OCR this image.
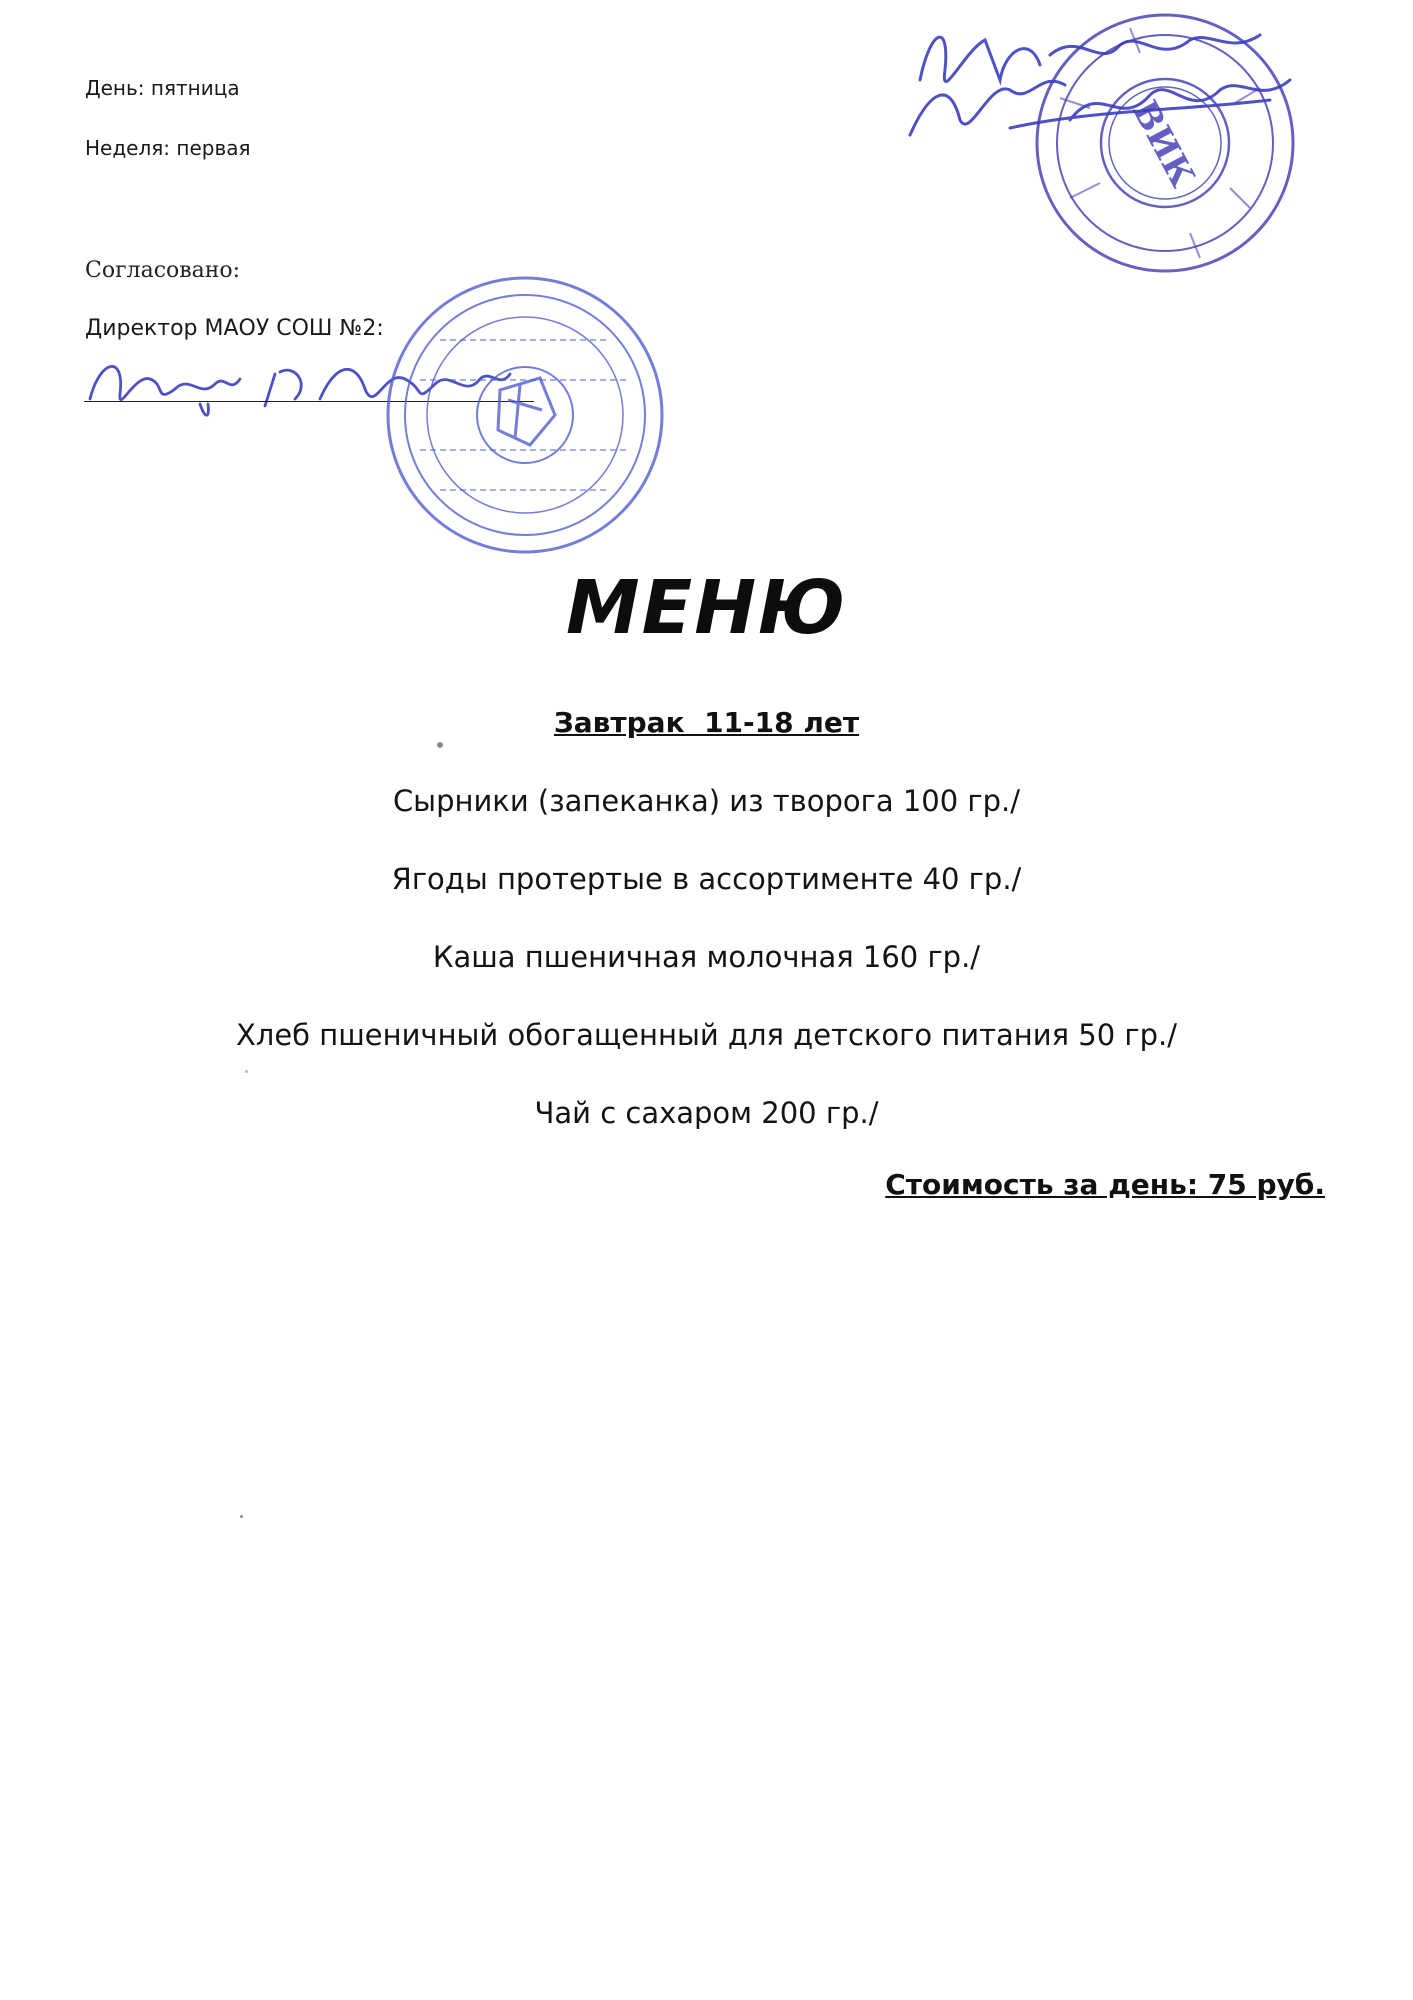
ВИК
День: пятница
Неделя: первая
Согласовано:
Директор МАОУ СОШ №2:
МЕНЮ
Завтрак  11-18 лет
Сырники (запеканка) из творога 100 гр./
Ягоды протертые в ассортименте 40 гр./
Каша пшеничная молочная 160 гр./
Хлеб пшеничный обогащенный для детского питания 50 гр./
Чай с сахаром 200 гр./
Стоимость за день: 75 руб.
